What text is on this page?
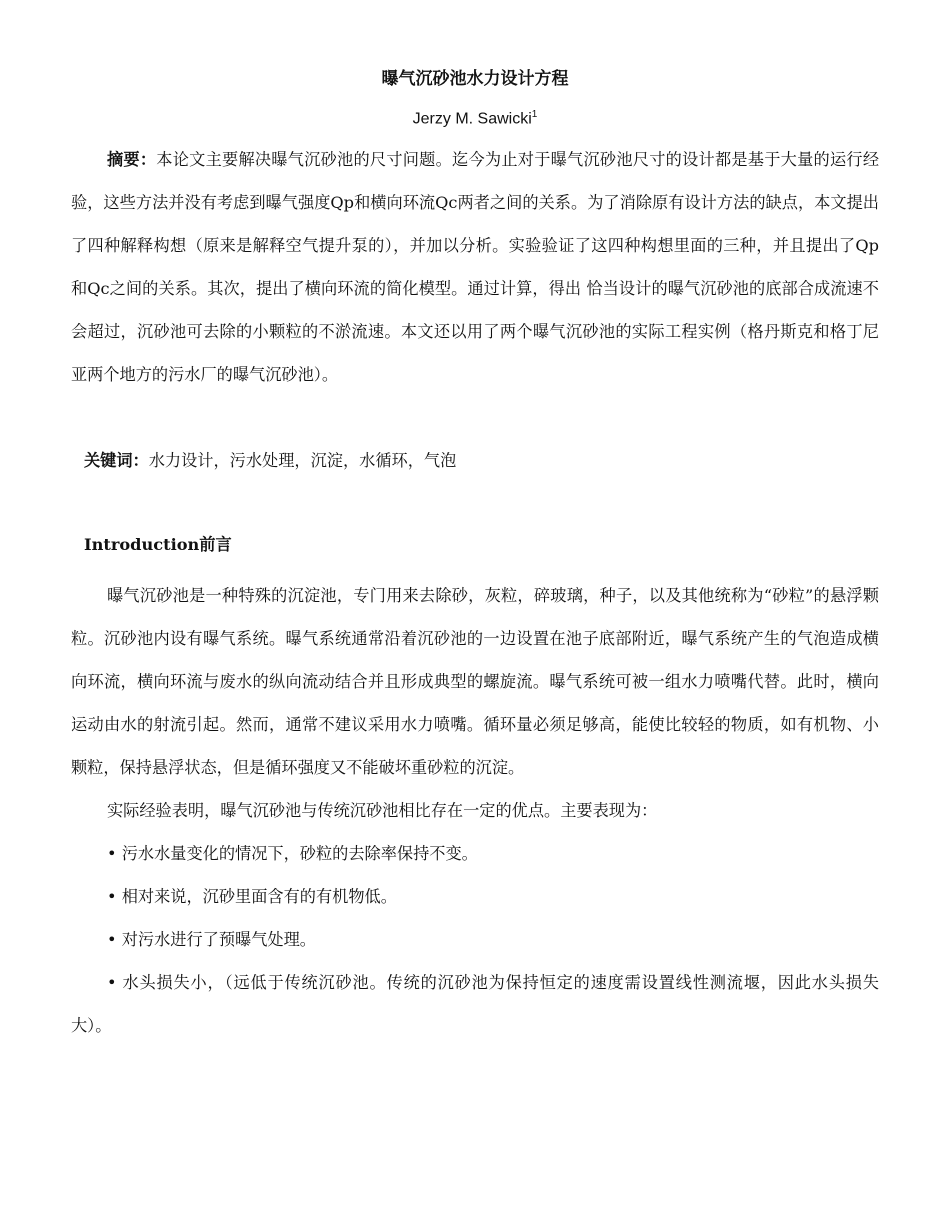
曝气沉砂池水力设计方程
Jerzy M. Sawicki$^1$

摘要：本论文主要解决曝气沉砂池的尺寸问题。迄今为止对于曝气沉砂池尺寸的设计都是基于大量的运行经验，这些方法并没有考虑到曝气强度Qp和横向环流Qc两者之间的关系。为了消除原有设计方法的缺点，本文提出了四种解释构想（原来是解释空气提升泵的），并加以分析。实验验证了这四种构想里面的三种，并且提出了Qp和Qc之间的关系。其次，提出了横向环流的简化模型。通过计算，得出 恰当设计的曝气沉砂池的底部合成流速不会超过，沉砂池可去除的小颗粒的不淤流速。本文还以用了两个曝气沉砂池的实际工程实例（格丹斯克和格丁尼亚两个地方的污水厂的曝气沉砂池）。

关键词：水力设计，污水处理，沉淀，水循环，气泡
Introduction前言

曝气沉砂池是一种特殊的沉淀池，专门用来去除砂，灰粒，碎玻璃，种子，以及其他统称为“砂粒”的悬浮颗粒。沉砂池内设有曝气系统。曝气系统通常沿着沉砂池的一边设置在池子底部附近，曝气系统产生的气泡造成横向环流，横向环流与废水的纵向流动结合并且形成典型的螺旋流。曝气系统可被一组水力喷嘴代替。此时，横向运动由水的射流引起。然而，通常不建议采用水力喷嘴。循环量必须足够高，能使比较轻的物质，如有机物、小颗粒，保持悬浮状态，但是循环强度又不能破坏重砂粒的沉淀。

实际经验表明，曝气沉砂池与传统沉砂池相比存在一定的优点。主要表现为：

• 污水水量变化的情况下，砂粒的去除率保持不变。

• 相对来说，沉砂里面含有的有机物低。

• 对污水进行了预曝气处理。

• 水头损失小，（远低于传统沉砂池。传统的沉砂池为保持恒定的速度需设置线性测流堰，因此水头损失大）。
